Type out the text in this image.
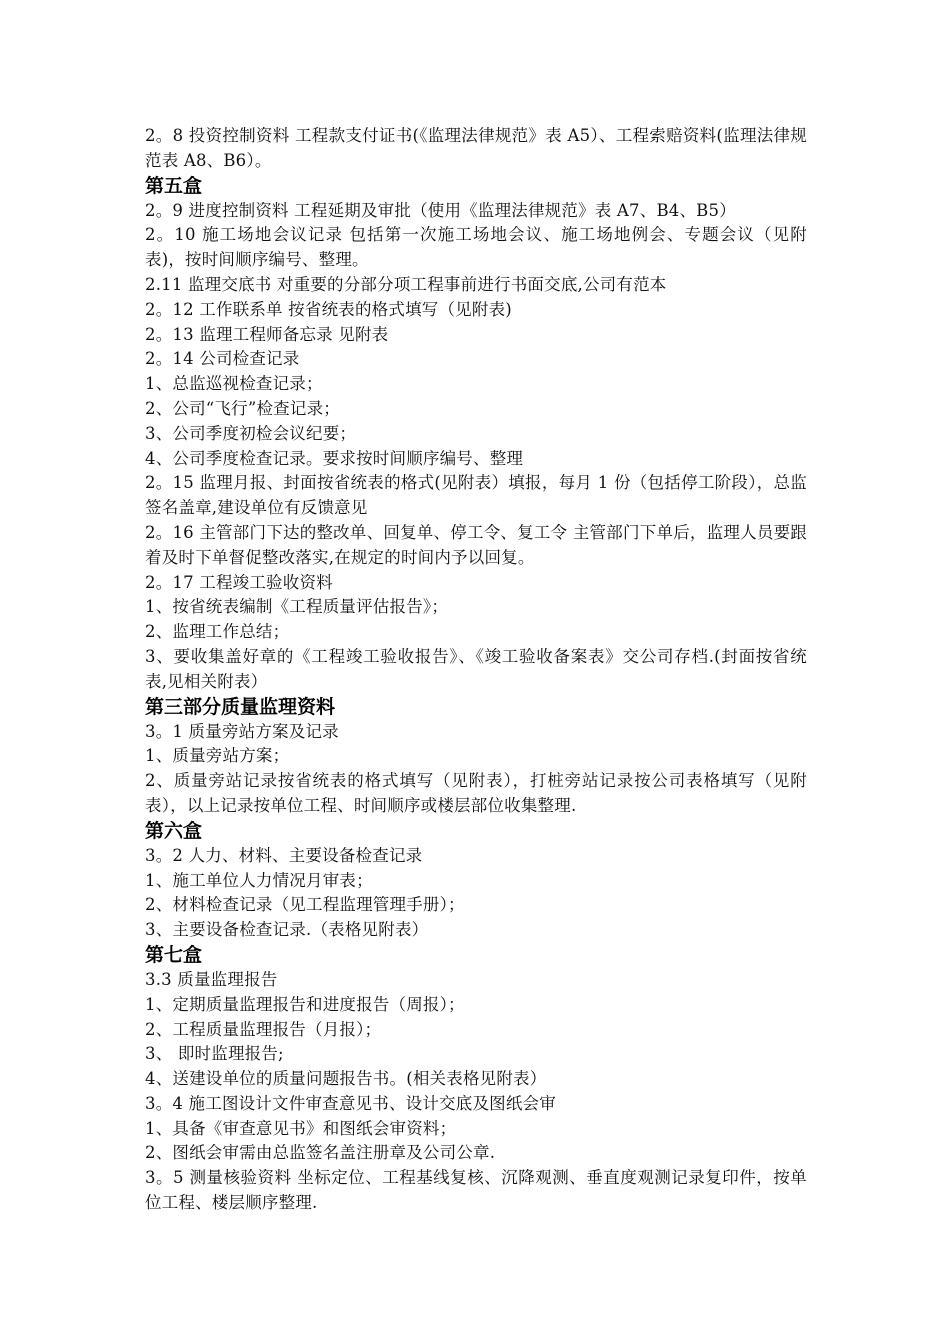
2。8 投资控制资料 工程款支付证书(《监理法律规范》表 A5）、工程索赔资料(监理法律规范表 A8、B6）。

第五盒

2。9 进度控制资料 工程延期及审批（使用《监理法律规范》表 A7、B4、B5）

2。10 施工场地会议记录 包括第一次施工场地会议、施工场地例会、专题会议（见附表)，按时间顺序编号、整理。

2.11 监理交底书 对重要的分部分项工程事前进行书面交底,公司有范本

2。12 工作联系单 按省统表的格式填写（见附表)

2。13 监理工程师备忘录 见附表

2。14 公司检查记录

1、总监巡视检查记录；

2、公司“飞行”检查记录；

3、公司季度初检会议纪要；

4、公司季度检查记录。要求按时间顺序编号、整理

2。15 监理月报、封面按省统表的格式(见附表）填报，每月 1 份（包括停工阶段），总监签名盖章,建设单位有反馈意见

2。16 主管部门下达的整改单、回复单、停工令、复工令 主管部门下单后，监理人员要跟着及时下单督促整改落实,在规定的时间内予以回复。

2。17 工程竣工验收资料

1、按省统表编制《工程质量评估报告》；

2、监理工作总结；

3、要收集盖好章的《工程竣工验收报告》、《竣工验收备案表》交公司存档.(封面按省统表,见相关附表）

第三部分质量监理资料

3。1 质量旁站方案及记录

1、质量旁站方案；

2、质量旁站记录按省统表的格式填写（见附表），打桩旁站记录按公司表格填写（见附表），以上记录按单位工程、时间顺序或楼层部位收集整理.

第六盒

3。2 人力、材料、主要设备检查记录

1、施工单位人力情况月审表；

2、材料检查记录（见工程监理管理手册）；

3、主要设备检查记录.（表格见附表）

第七盒

3.3 质量监理报告

1、定期质量监理报告和进度报告（周报）；

2、工程质量监理报告（月报）；

3、 即时监理报告;

4、送建设单位的质量问题报告书。(相关表格见附表）

3。4 施工图设计文件审查意见书、设计交底及图纸会审

1、具备《审查意见书》和图纸会审资料；

2、图纸会审需由总监签名盖注册章及公司公章.

3。5 测量核验资料 坐标定位、工程基线复核、沉降观测、垂直度观测记录复印件，按单位工程、楼层顺序整理.
